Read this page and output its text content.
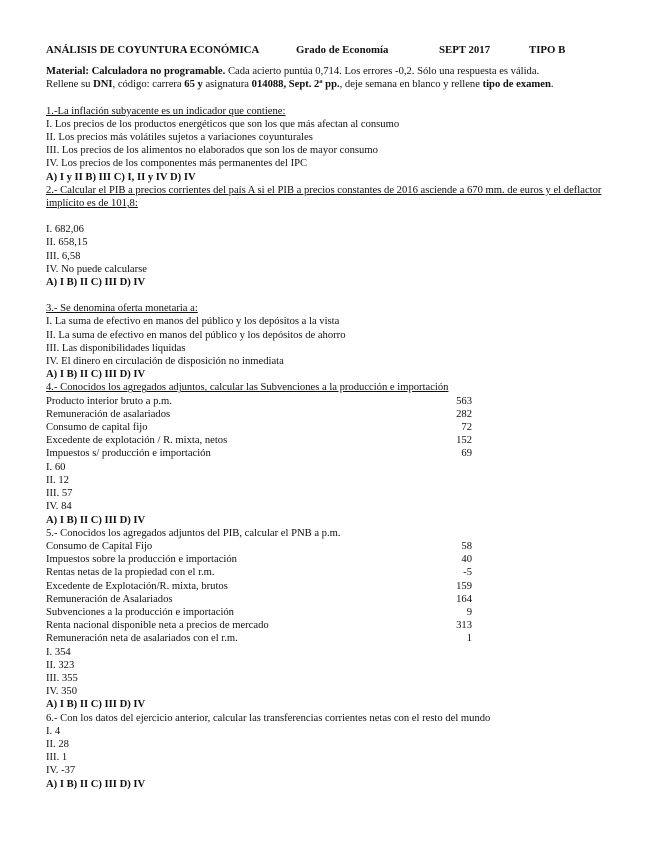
ANÁLISIS DE COYUNTURA ECONÓMICA	Grado de Economía	SEPT 2017	TIPO B
Material: Calculadora no programable. Cada acierto puntúa 0,714. Los errores -0,2. Sólo una respuesta es válida.
Rellene su DNI, código: carrera 65 y asignatura 014088, Sept. 2ª pp., deje semana en blanco y rellene tipo de examen.
1.-La inflación subyacente es un indicador que contiene:
I. Los precios de los productos energéticos que son los que más afectan al consumo
II. Los precios más volátiles sujetos a variaciones coyunturales
III. Los precios de los alimentos no elaborados que son los de mayor consumo
IV. Los precios de los componentes más permanentes del IPC
A) I y II B) III C) I, II y IV D) IV
2.- Calcular el PIB a precios corrientes del país A si el PIB a precios constantes de 2016 asciende a 670 mm. de euros y el deflactor implícito es de 101,8:
I. 682,06
II. 658,15
III. 6,58
IV. No puede calcularse
A) I B) II C) III D) IV
3.- Se denomina oferta monetaria a:
I. La suma de efectivo en manos del público y los depósitos a la vista
II. La suma de efectivo en manos del público y los depósitos de ahorro
III. Las disponibilidades líquidas
IV. El dinero en circulación de disposición no inmediata
A) I B) II C) III D) IV
4.- Conocidos los agregados adjuntos, calcular las Subvenciones a la producción e importación
Producto interior bruto a p.m.	563
Remuneración de asalariados	282
Consumo de capital fijo	72
Excedente de explotación / R. mixta, netos	152
Impuestos s/ producción e importación	69
I. 60
II. 12
III. 57
IV. 84
A) I B) II C) III D) IV
5.- Conocidos los agregados adjuntos del PIB, calcular el PNB a p.m.
Consumo de Capital Fijo	58
Impuestos sobre la producción e importación	40
Rentas netas de la propiedad con el r.m.	-5
Excedente de Explotación/R. mixta, brutos	159
Remuneración de Asalariados	164
Subvenciones a la producción e importación	9
Renta nacional disponible neta a precios de mercado	313
Remuneración neta de asalariados con el r.m.	1
I. 354
II. 323
III. 355
IV. 350
A) I B) II C) III D) IV
6.- Con los datos del ejercicio anterior, calcular las transferencias corrientes netas con el resto del mundo
I. 4
II. 28
III. 1
IV. -37
A) I B) II C) III D) IV
